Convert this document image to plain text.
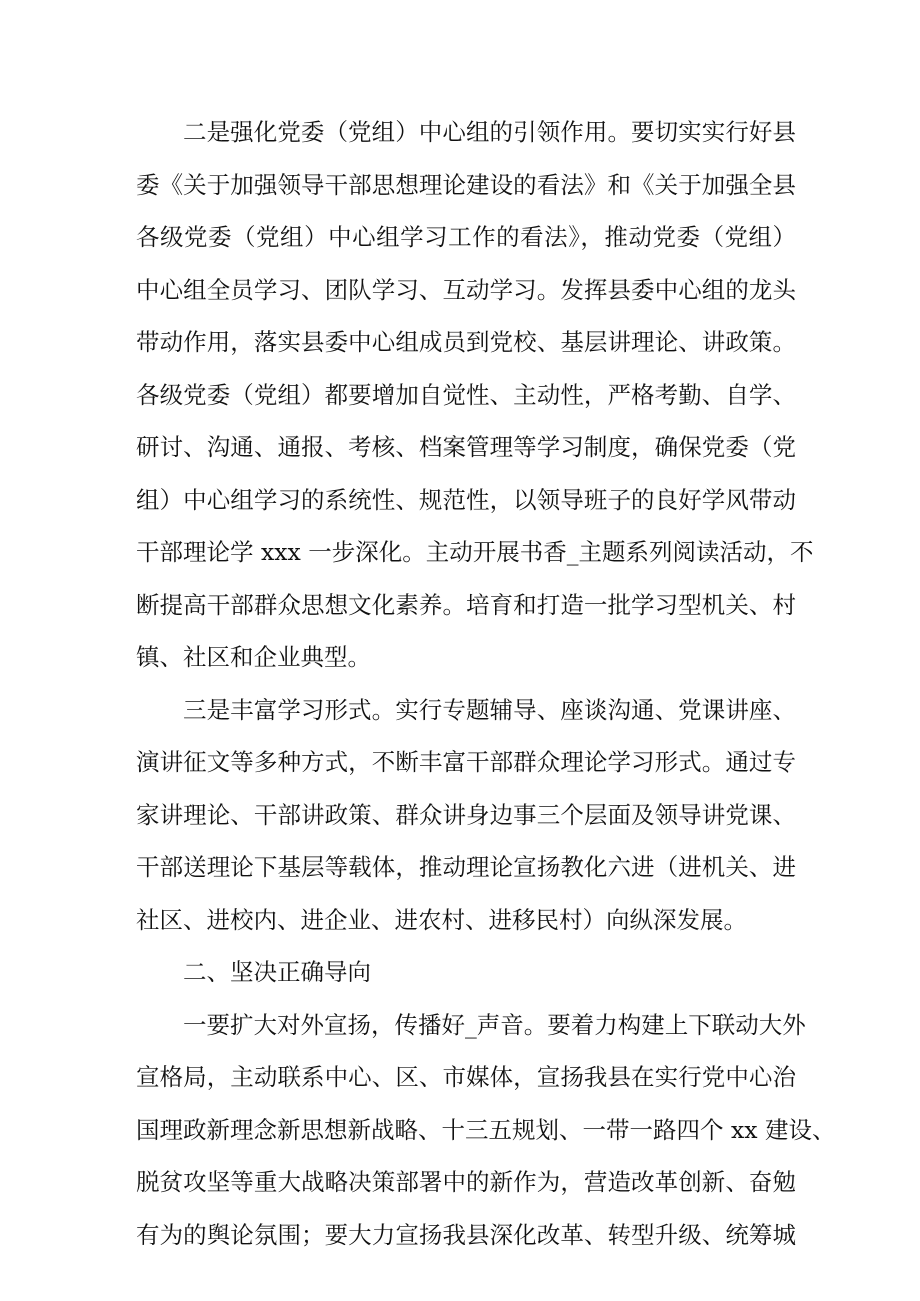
二是强化党委（党组）中心组的引领作用。要切实实行好县
委《关于加强领导干部思想理论建设的看法》和《关于加强全县
各级党委（党组）中心组学习工作的看法》，推动党委（党组）
中心组全员学习、团队学习、互动学习。发挥县委中心组的龙头
带动作用，落实县委中心组成员到党校、基层讲理论、讲政策。
各级党委（党组）都要增加自觉性、主动性，严格考勤、自学、
研讨、沟通、通报、考核、档案管理等学习制度，确保党委（党
组）中心组学习的系统性、规范性，以领导班子的良好学风带动
干部理论学 xxx 一步深化。主动开展书香_主题系列阅读活动，不
断提高干部群众思想文化素养。培育和打造一批学习型机关、村
镇、社区和企业典型。
三是丰富学习形式。实行专题辅导、座谈沟通、党课讲座、
演讲征文等多种方式，不断丰富干部群众理论学习形式。通过专
家讲理论、干部讲政策、群众讲身边事三个层面及领导讲党课、
干部送理论下基层等载体，推动理论宣扬教化六进（进机关、进
社区、进校内、进企业、进农村、进移民村）向纵深发展。
二、坚决正确导向
一要扩大对外宣扬，传播好_声音。要着力构建上下联动大外
宣格局，主动联系中心、区、市媒体，宣扬我县在实行党中心治
国理政新理念新思想新战略、十三五规划、一带一路四个 xx 建设、
脱贫攻坚等重大战略决策部署中的新作为，营造改革创新、奋勉
有为的舆论氛围；要大力宣扬我县深化改革、转型升级、统筹城
